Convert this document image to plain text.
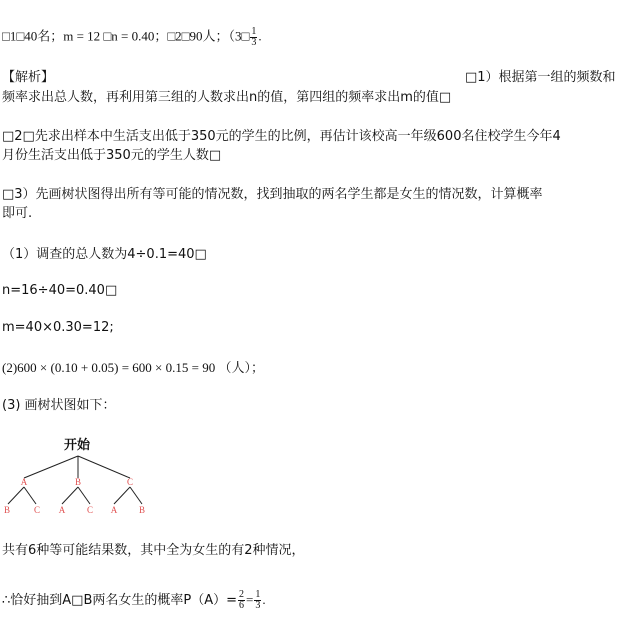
□1□40名；m = 12 □n = 0.40；□2□90人；（3□ $\frac{1}{3}$ .
【解析】	□1）根据第一组的频数和
频率求出总人数，再利用第三组的人数求出n的值，第四组的频率求出m的值□
□2□先求出样本中生活支出低于350元的学生的比例，再估计该校高一年级600名住校学生今年4
月份生活支出低于350元的学生人数□
□3）先画树状图得出所有等可能的情况数，找到抽取的两名学生都是女生的情况数，计算概率
即可.
（1）调查的总人数为4÷0.1=40□
n=16÷40=0.40□
m=40×0.30=12;
(2)600 × (0.10 + 0.05) = 600 × 0.15 = 90 （人）；
(3) 画树状图如下：
开始
A	B	C
B	C A C A B
共有6种等可能结果数，其中全为女生的有2种情况，
∴恰好抽到A□B两名女生的概率$P(A)= \frac{2}{6} = \frac{1}{3}$ .
